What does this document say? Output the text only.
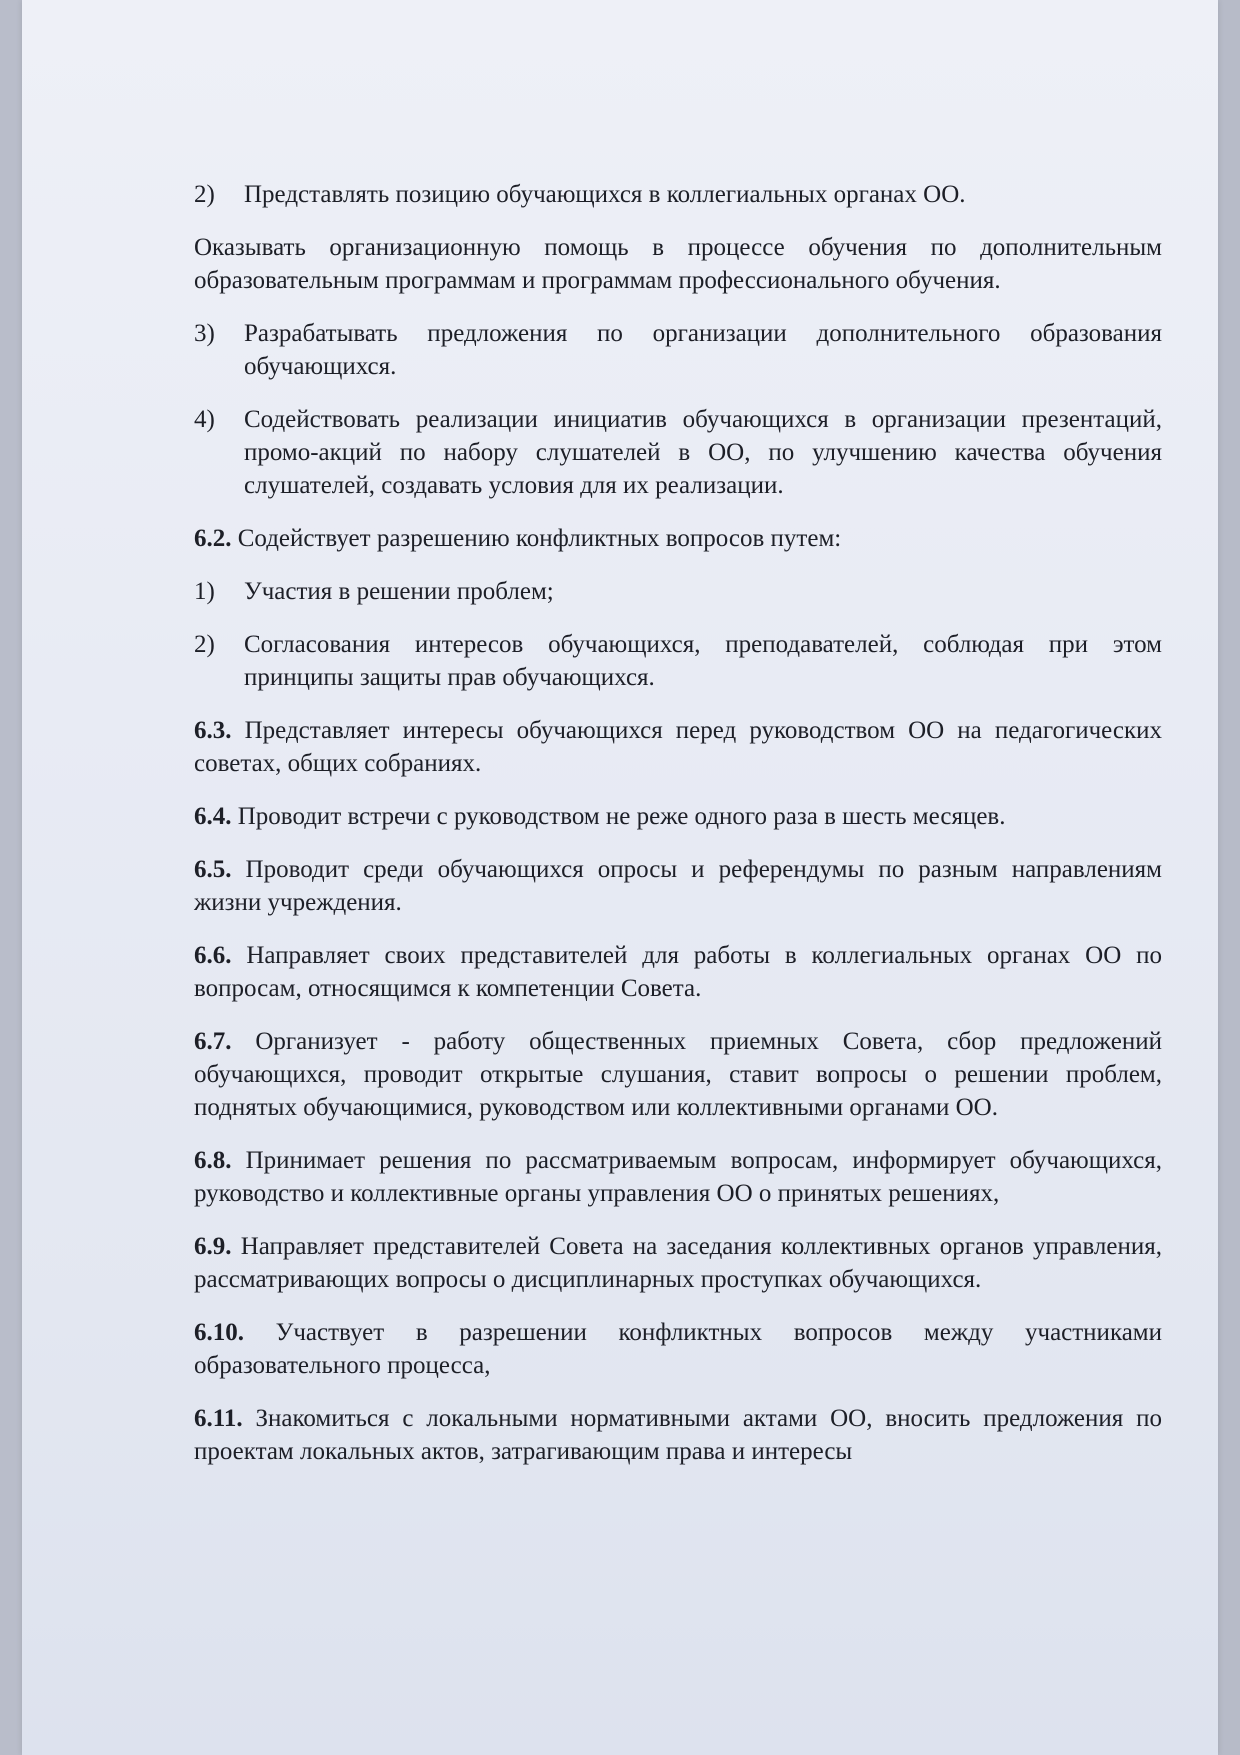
2) Представлять позицию обучающихся в коллегиальных органах ОО.
Оказывать организационную помощь в процессе обучения по дополнительным образовательным программам и программам профессионального обучения.
3) Разрабатывать предложения по организации дополнительного образования обучающихся.
4) Содействовать реализации инициатив обучающихся в организации презентаций, промо-акций по набору слушателей в ОО, по улучшению качества обучения слушателей, создавать условия для их реализации.
6.2. Содействует разрешению конфликтных вопросов путем:
1) Участия в решении проблем;
2) Согласования интересов обучающихся, преподавателей, соблюдая при этом принципы защиты прав обучающихся.
6.3. Представляет интересы обучающихся перед руководством ОО на педагогических советах, общих собраниях.
6.4. Проводит встречи с руководством не реже одного раза в шесть месяцев.
6.5. Проводит среди обучающихся опросы и референдумы по разным направлениям жизни учреждения.
6.6. Направляет своих представителей для работы в коллегиальных органах ОО по вопросам, относящимся к компетенции Совета.
6.7. Организует - работу общественных приемных Совета, сбор предложений обучающихся, проводит открытые слушания, ставит вопросы о решении проблем, поднятых обучающимися, руководством или коллективными органами ОО.
6.8. Принимает решения по рассматриваемым вопросам, информирует обучающихся, руководство и коллективные органы управления ОО о принятых решениях,
6.9. Направляет представителей Совета на заседания коллективных органов управления, рассматривающих вопросы о дисциплинарных проступках обучающихся.
6.10. Участвует в разрешении конфликтных вопросов между участниками образовательного процесса,
6.11. Знакомиться с локальными нормативными актами ОО, вносить предложения по проектам локальных актов, затрагивающим права и интересы
